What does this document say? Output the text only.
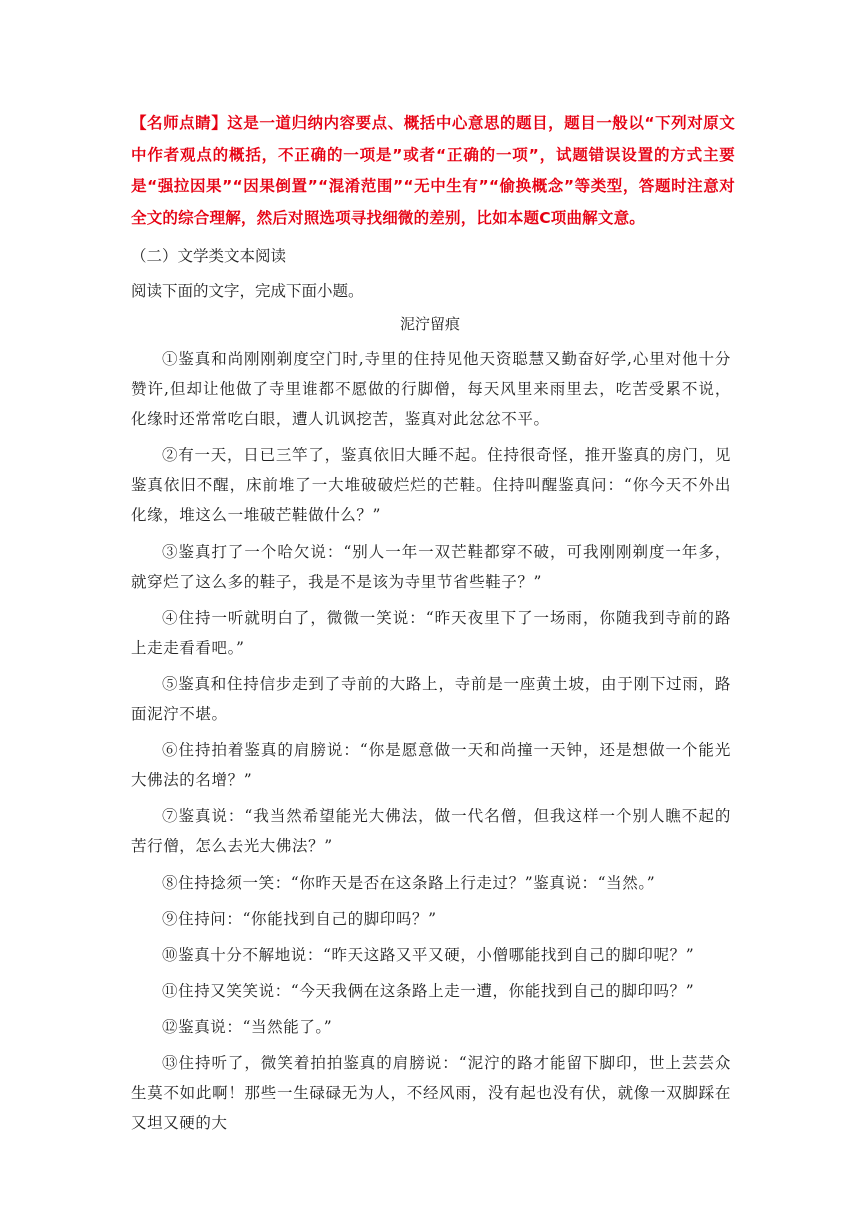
【名师点睛】这是一道归纳内容要点、概括中心意思的题目，题目一般以“下列对原文中作者观点的概括，不正确的一项是”或者“正确的一项”，试题错误设置的方式主要是“强拉因果”“因果倒置”“混淆范围”“无中生有”“偷换概念”等类型，答题时注意对全文的综合理解，然后对照选项寻找细微的差别，比如本题C项曲解文意。
（二）文学类文本阅读
阅读下面的文字，完成下面小题。
泥泞留痕

①鉴真和尚刚刚剃度空门时,寺里的住持见他天资聪慧又勤奋好学,心里对他十分赞许,但却让他做了寺里谁都不愿做的行脚僧，每天风里来雨里去，吃苦受累不说，化缘时还常常吃白眼，遭人讥讽挖苦，鉴真对此忿忿不平。

②有一天，日已三竿了，鉴真依旧大睡不起。住持很奇怪，推开鉴真的房门，见鉴真依旧不醒，床前堆了一大堆破破烂烂的芒鞋。住持叫醒鉴真问：“你今天不外出化缘，堆这么一堆破芒鞋做什么？”

③鉴真打了一个哈欠说：“别人一年一双芒鞋都穿不破，可我刚刚剃度一年多，就穿烂了这么多的鞋子，我是不是该为寺里节省些鞋子？”

④住持一听就明白了，微微一笑说：“昨天夜里下了一场雨，你随我到寺前的路上走走看看吧。”

⑤鉴真和住持信步走到了寺前的大路上，寺前是一座黄土坡，由于刚下过雨，路面泥泞不堪。

⑥住持拍着鉴真的肩膀说：“你是愿意做一天和尚撞一天钟，还是想做一个能光大佛法的名增？”

⑦鉴真说：“我当然希望能光大佛法，做一代名僧，但我这样一个别人瞧不起的苦行僧，怎么去光大佛法？”

⑧住持捻须一笑：“你昨天是否在这条路上行走过？”鉴真说：“当然。”

⑨住持问：“你能找到自己的脚印吗？”

⑩鉴真十分不解地说：“昨天这路又平又硬，小僧哪能找到自己的脚印呢？”

⑪住持又笑笑说：“今天我俩在这条路上走一遭，你能找到自己的脚印吗？”

⑫鉴真说：“当然能了。”

⑬住持听了，微笑着拍拍鉴真的肩膀说：“泥泞的路才能留下脚印，世上芸芸众生莫不如此啊！那些一生碌碌无为人，不经风雨，没有起也没有伏，就像一双脚踩在又坦又硬的大
